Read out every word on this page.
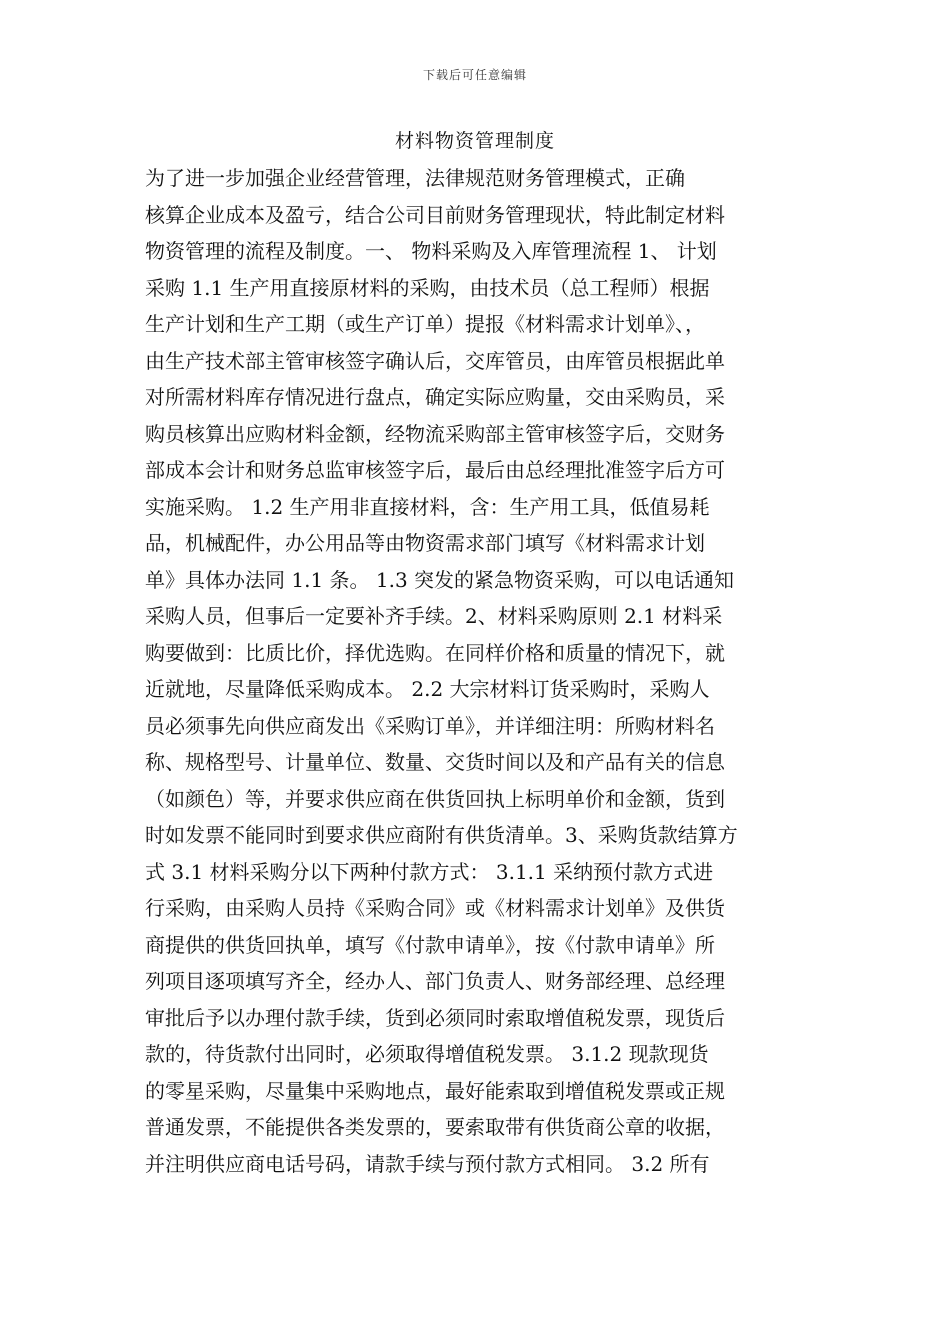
下载后可任意编辑
材料物资管理制度
为了进一步加强企业经营管理，法律规范财务管理模式，正确
核算企业成本及盈亏，结合公司目前财务管理现状，特此制定材料
物资管理的流程及制度。一、 物料采购及入库管理流程 1、 计划
采购 1.1 生产用直接原材料的采购，由技术员（总工程师）根据
生产计划和生产工期（或生产订单）提报《材料需求计划单》、，
由生产技术部主管审核签字确认后，交库管员，由库管员根据此单
对所需材料库存情况进行盘点，确定实际应购量，交由采购员，采
购员核算出应购材料金额，经物流采购部主管审核签字后，交财务
部成本会计和财务总监审核签字后，最后由总经理批准签字后方可
实施采购。 1.2 生产用非直接材料，含：生产用工具，低值易耗
品，机械配件，办公用品等由物资需求部门填写《材料需求计划
单》具体办法同 1.1 条。 1.3 突发的紧急物资采购，可以电话通知
采购人员，但事后一定要补齐手续。2、材料采购原则 2.1 材料采
购要做到：比质比价，择优选购。在同样价格和质量的情况下，就
近就地，尽量降低采购成本。 2.2 大宗材料订货采购时，采购人
员必须事先向供应商发出《采购订单》，并详细注明：所购材料名
称、规格型号、计量单位、数量、交货时间以及和产品有关的信息
（如颜色）等，并要求供应商在供货回执上标明单价和金额，货到
时如发票不能同时到要求供应商附有供货清单。3、采购货款结算方
式 3.1 材料采购分以下两种付款方式： 3.1.1 采纳预付款方式进
行采购，由采购人员持《采购合同》或《材料需求计划单》及供货
商提供的供货回执单，填写《付款申请单》，按《付款申请单》所
列项目逐项填写齐全，经办人、部门负责人、财务部经理、总经理
审批后予以办理付款手续，货到必须同时索取增值税发票，现货后
款的，待货款付出同时，必须取得增值税发票。 3.1.2 现款现货
的零星采购，尽量集中采购地点，最好能索取到增值税发票或正规
普通发票，不能提供各类发票的，要索取带有供货商公章的收据，
并注明供应商电话号码，请款手续与预付款方式相同。 3.2 所有
